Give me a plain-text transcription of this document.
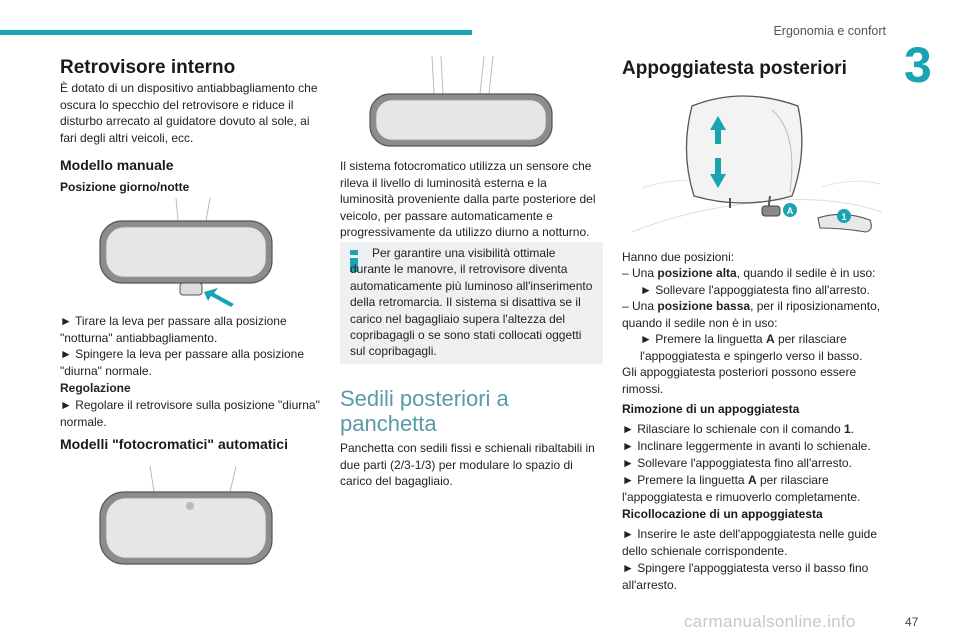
Ergonomia e confort
3
Retrovisore interno

È dotato di un dispositivo antiabbagliamento che oscura lo specchio del retrovisore e riduce il disturbo arrecato al guidatore dovuto al sole, ai fari degli altri veicoli, ecc.

Modello manuale
Posizione giorno/notte

► Tirare la leva per passare alla posizione "notturna" antiabbagliamento.

► Spingere la leva per passare alla posizione "diurna" normale.

Regolazione

► Regolare il retrovisore sulla posizione "diurna" normale.

Modelli "fotocromatici" automatici

Il sistema fotocromatico utilizza un sensore che rileva il livello di luminosità esterna e la luminosità proveniente dalla parte posteriore del veicolo, per passare automaticamente e progressivamente da utilizzo diurno a notturno.

Per garantire una visibilità ottimale durante le manovre, il retrovisore diventa automaticamente più luminoso all'inserimento della retromarcia. Il sistema si disattiva se il carico nel bagagliaio supera l'altezza del copribagagli o se sono stati collocati oggetti sul copribagagli.

Sedili posteriori a panchetta

Panchetta con sedili fissi e schienali ribaltabili in due parti (2/3-1/3) per modulare lo spazio di carico del bagagliaio.

Appoggiatesta posteriori
A
1

Hanno due posizioni:

– Una posizione alta, quando il sedile è in uso:

► Sollevare l'appoggiatesta fino all'arresto.

– Una posizione bassa, per il riposizionamento, quando il sedile non è in uso:

► Premere la linguetta A per rilasciare l'appoggiatesta e spingerlo verso il basso.

Gli appoggiatesta posteriori possono essere rimossi.

Rimozione di un appoggiatesta

► Rilasciare lo schienale con il comando 1.

► Inclinare leggermente in avanti lo schienale.

► Sollevare l'appoggiatesta fino all'arresto.

► Premere la linguetta A per rilasciare l'appoggiatesta e rimuoverlo completamente.

Ricollocazione di un appoggiatesta

► Inserire le aste dell'appoggiatesta nelle guide dello schienale corrispondente.

► Spingere l'appoggiatesta verso il basso fino all'arresto.

carmanualsonline.info	47
